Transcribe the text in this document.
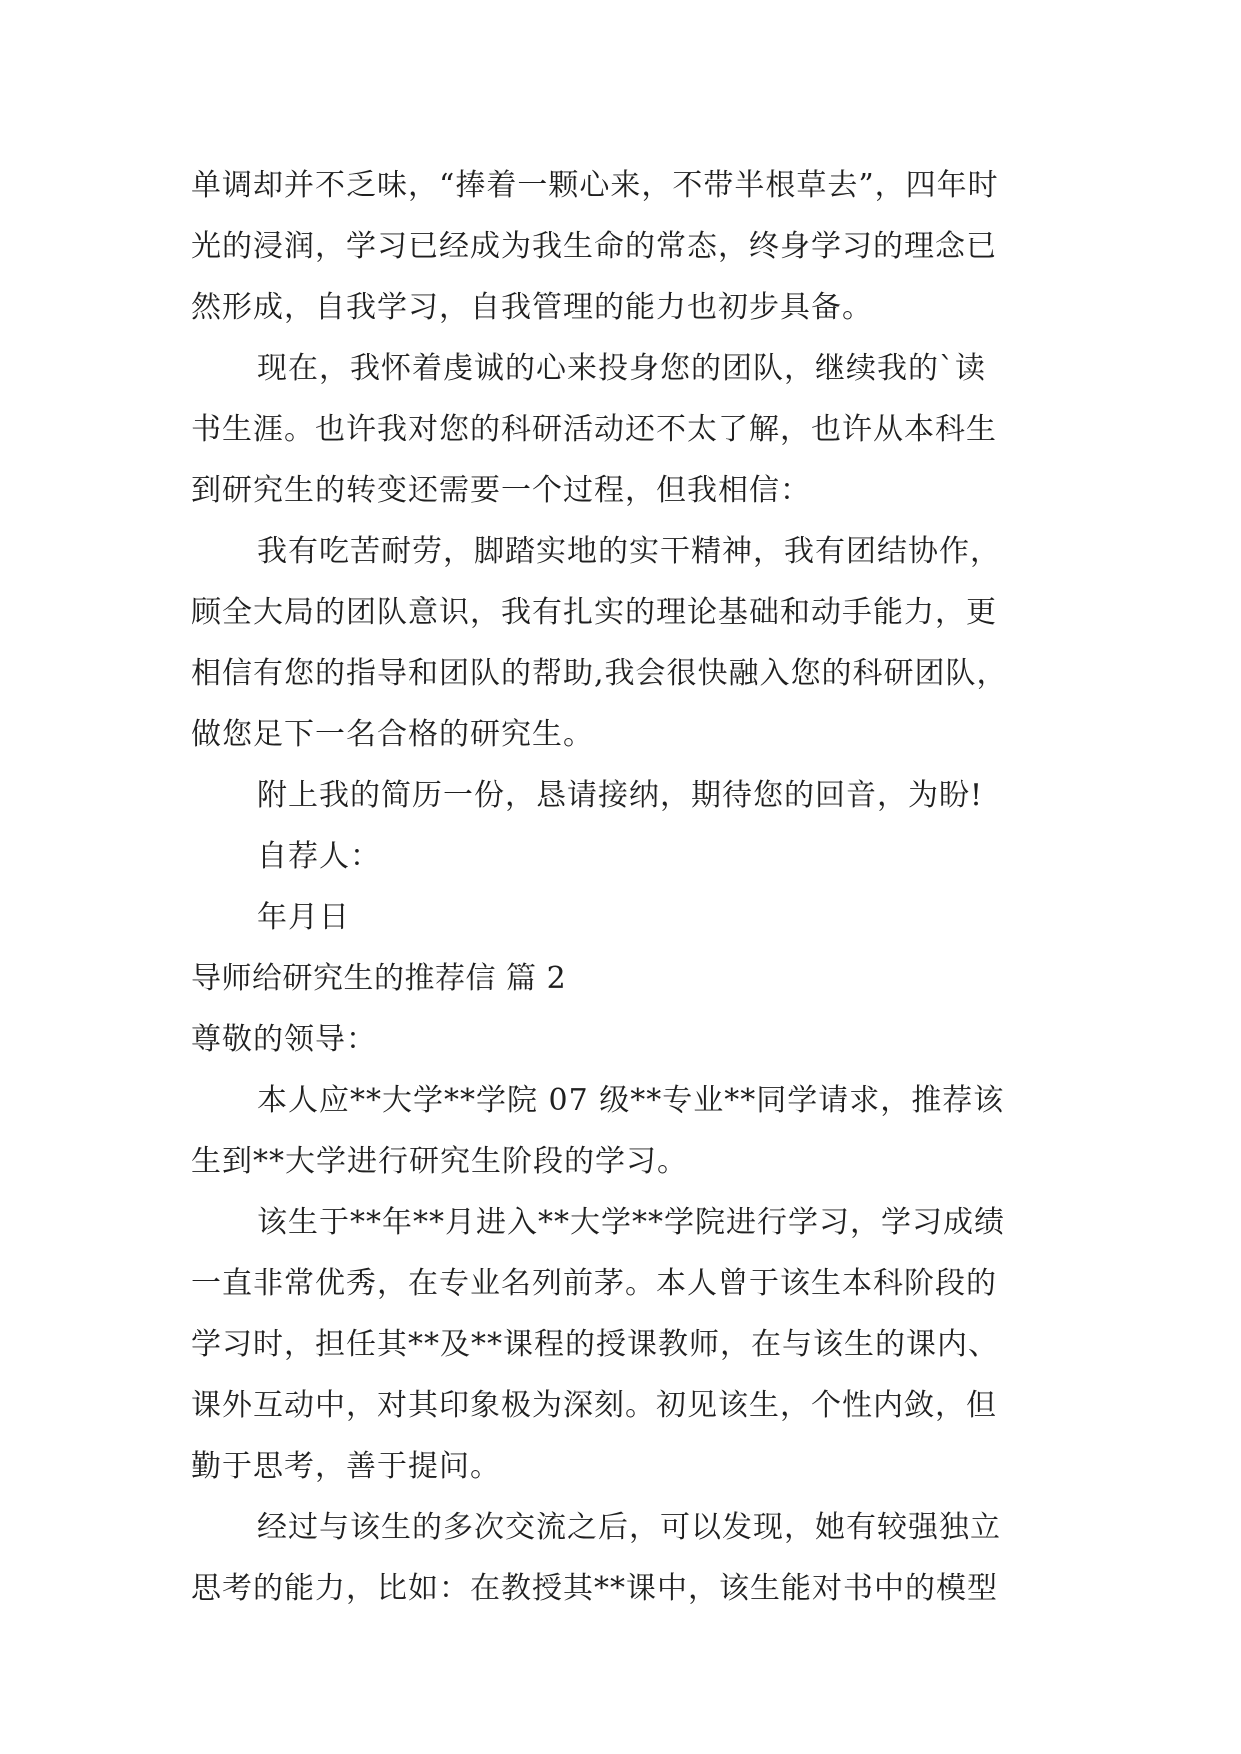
单调却并不乏味，“捧着一颗心来，不带半根草去”，四年时
光的浸润，学习已经成为我生命的常态，终身学习的理念已
然形成，自我学习，自我管理的能力也初步具备。
现在，我怀着虔诚的心来投身您的团队，继续我的`读
书生涯。也许我对您的科研活动还不太了解，也许从本科生
到研究生的转变还需要一个过程，但我相信：
我有吃苦耐劳，脚踏实地的实干精神，我有团结协作，
顾全大局的团队意识，我有扎实的理论基础和动手能力，更
相信有您的指导和团队的帮助,我会很快融入您的科研团队，
做您足下一名合格的研究生。
附上我的简历一份，恳请接纳，期待您的回音，为盼!
自荐人：
年月日
导师给研究生的推荐信 篇 2
尊敬的领导：
本人应**大学**学院 07 级**专业**同学请求，推荐该
生到**大学进行研究生阶段的学习。
该生于**年**月进入**大学**学院进行学习，学习成绩
一直非常优秀，在专业名列前茅。本人曾于该生本科阶段的
学习时，担任其**及**课程的授课教师，在与该生的课内、
课外互动中，对其印象极为深刻。初见该生，个性内敛，但
勤于思考，善于提问。
经过与该生的多次交流之后，可以发现，她有较强独立
思考的能力，比如：在教授其**课中，该生能对书中的模型
